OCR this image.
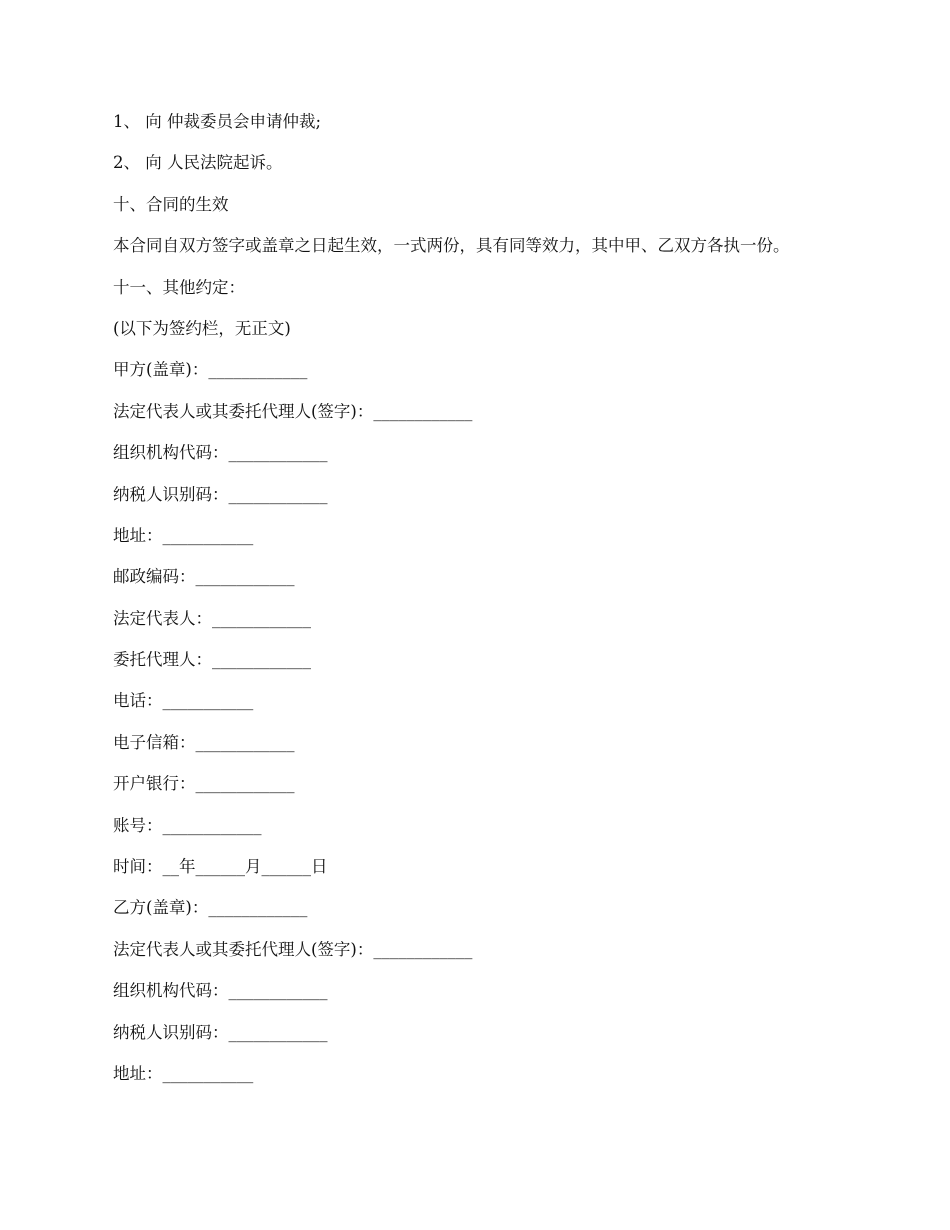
1、 向 仲裁委员会申请仲裁;

2、 向 人民法院起诉。

十、合同的生效

本合同自双方签字或盖章之日起生效，一式两份，具有同等效力，其中甲、乙双方各执一份。

十一、其他约定：

(以下为签约栏，无正文)

甲方(盖章)：____________

法定代表人或其委托代理人(签字)：____________

组织机构代码：____________

纳税人识别码：____________

地址：___________

邮政编码：____________

法定代表人：____________

委托代理人：____________

电话：___________

电子信箱：____________

开户银行：____________

账号：____________

时间：__年______月______日

乙方(盖章)：____________

法定代表人或其委托代理人(签字)：____________

组织机构代码：____________

纳税人识别码：____________

地址：___________
